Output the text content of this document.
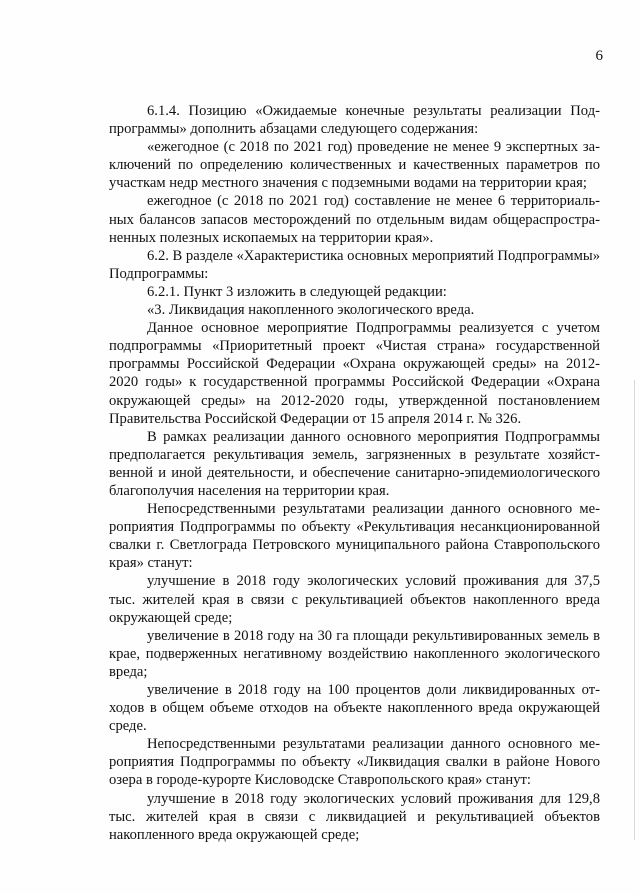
6

6.1.4. Позицию «Ожидаемые конечные результаты реализации Подпрограммы» дополнить абзацами следующего содержания:

«ежегодное (с 2018 по 2021 год) проведение не менее 9 экспертных заключений по определению количественных и качественных параметров по участкам недр местного значения с подземными водами на территории края;

ежегодное (с 2018 по 2021 год) составление не менее 6 территориальных балансов запасов месторождений по отдельным видам общераспространенных полезных ископаемых на территории края».

6.2. В разделе «Характеристика основных мероприятий Подпрограммы» Подпрограммы:

6.2.1. Пункт 3 изложить в следующей редакции:

«3. Ликвидация накопленного экологического вреда.

Данное основное мероприятие Подпрограммы реализуется с учетом подпрограммы «Приоритетный проект «Чистая страна» государственной программы Российской Федерации «Охрана окружающей среды» на 2012-2020 годы» к государственной программы Российской Федерации «Охрана окружающей среды» на 2012-2020 годы, утвержденной постановлением Правительства Российской Федерации от 15 апреля 2014 г. № 326.

В рамках реализации данного основного мероприятия Подпрограммы предполагается рекультивация земель, загрязненных в результате хозяйственной и иной деятельности, и обеспечение санитарно-эпидемиологического благополучия населения на территории края.

Непосредственными результатами реализации данного основного мероприятия Подпрограммы по объекту «Рекультивация несанкционированной свалки г. Светлограда Петровского муниципального района Ставропольского края» станут:

улучшение в 2018 году экологических условий проживания для 37,5 тыс. жителей края в связи с рекультивацией объектов накопленного вреда окружающей среде;

увеличение в 2018 году на 30 га площади рекультивированных земель в крае, подверженных негативному воздействию накопленного экологического вреда;

увеличение в 2018 году на 100 процентов доли ликвидированных отходов в общем объеме отходов на объекте накопленного вреда окружающей среде.

Непосредственными результатами реализации данного основного мероприятия Подпрограммы по объекту «Ликвидация свалки в районе Нового озера в городе-курорте Кисловодске Ставропольского края» станут:

улучшение в 2018 году экологических условий проживания для 129,8 тыс. жителей края в связи с ликвидацией и рекультивацией объектов накопленного вреда окружающей среде;
